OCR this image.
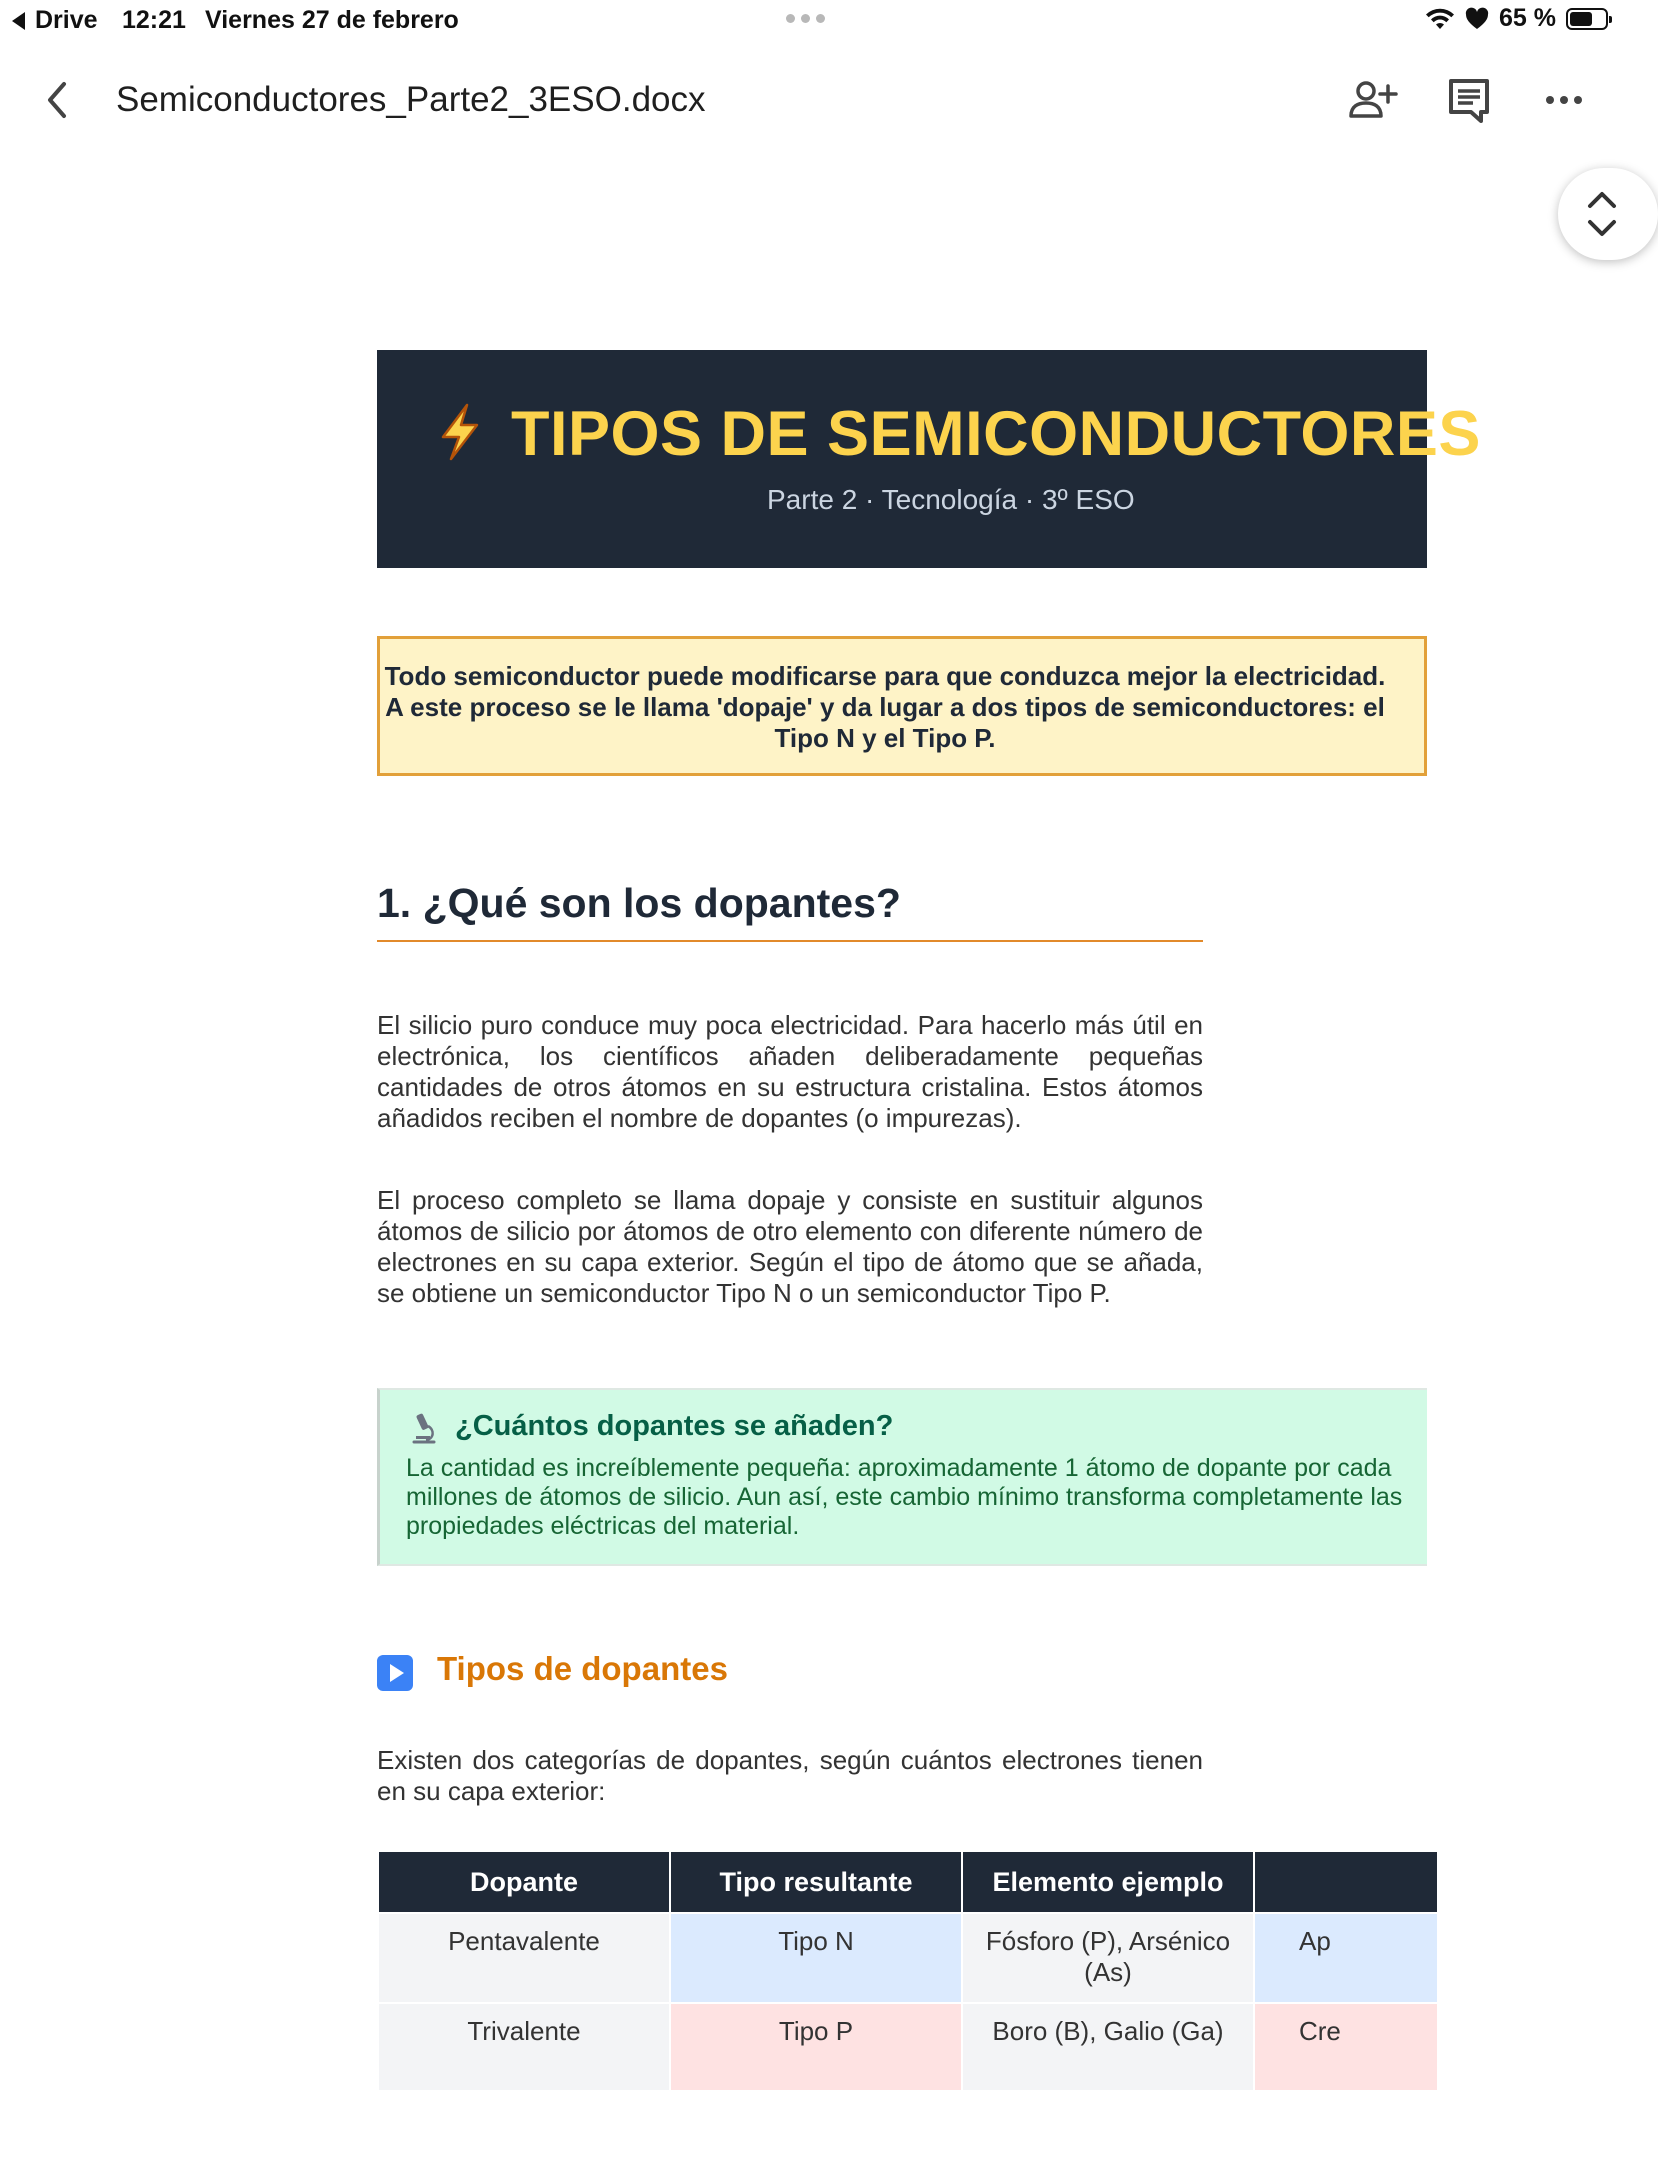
Drive 12:21 Viernes 27 de febrero	65 %
Semiconductores_Parte2_3ESO.docx
TIPOS DE SEMICONDUCTORES
Parte 2 · Tecnología · 3º ESO
Todo semiconductor puede modificarse para que conduzca mejor la electricidad. A este proceso se le llama 'dopaje' y da lugar a dos tipos de semiconductores: el Tipo N y el Tipo P.
1. ¿Qué son los dopantes?
El silicio puro conduce muy poca electricidad. Para hacerlo más útil en electrónica, los científicos añaden deliberadamente pequeñas cantidades de otros átomos en su estructura cristalina. Estos átomos añadidos reciben el nombre de dopantes (o impurezas).
El proceso completo se llama dopaje y consiste en sustituir algunos átomos de silicio por átomos de otro elemento con diferente número de electrones en su capa exterior. Según el tipo de átomo que se añada, se obtiene un semiconductor Tipo N o un semiconductor Tipo P.
¿Cuántos dopantes se añaden?
La cantidad es increíblemente pequeña: aproximadamente 1 átomo de dopante por cada
millones de átomos de silicio. Aun así, este cambio mínimo transforma completamente las
propiedades eléctricas del material.
Tipos de dopantes
Existen dos categorías de dopantes, según cuántos electrones tienen en su capa exterior:
Dopante	Tipo resultante	Elemento ejemplo	
Pentavalente	Tipo N	Fósforo (P), Arsénico (As)	Ap
Trivalente	Tipo P	Boro (B), Galio (Ga)	Cre
